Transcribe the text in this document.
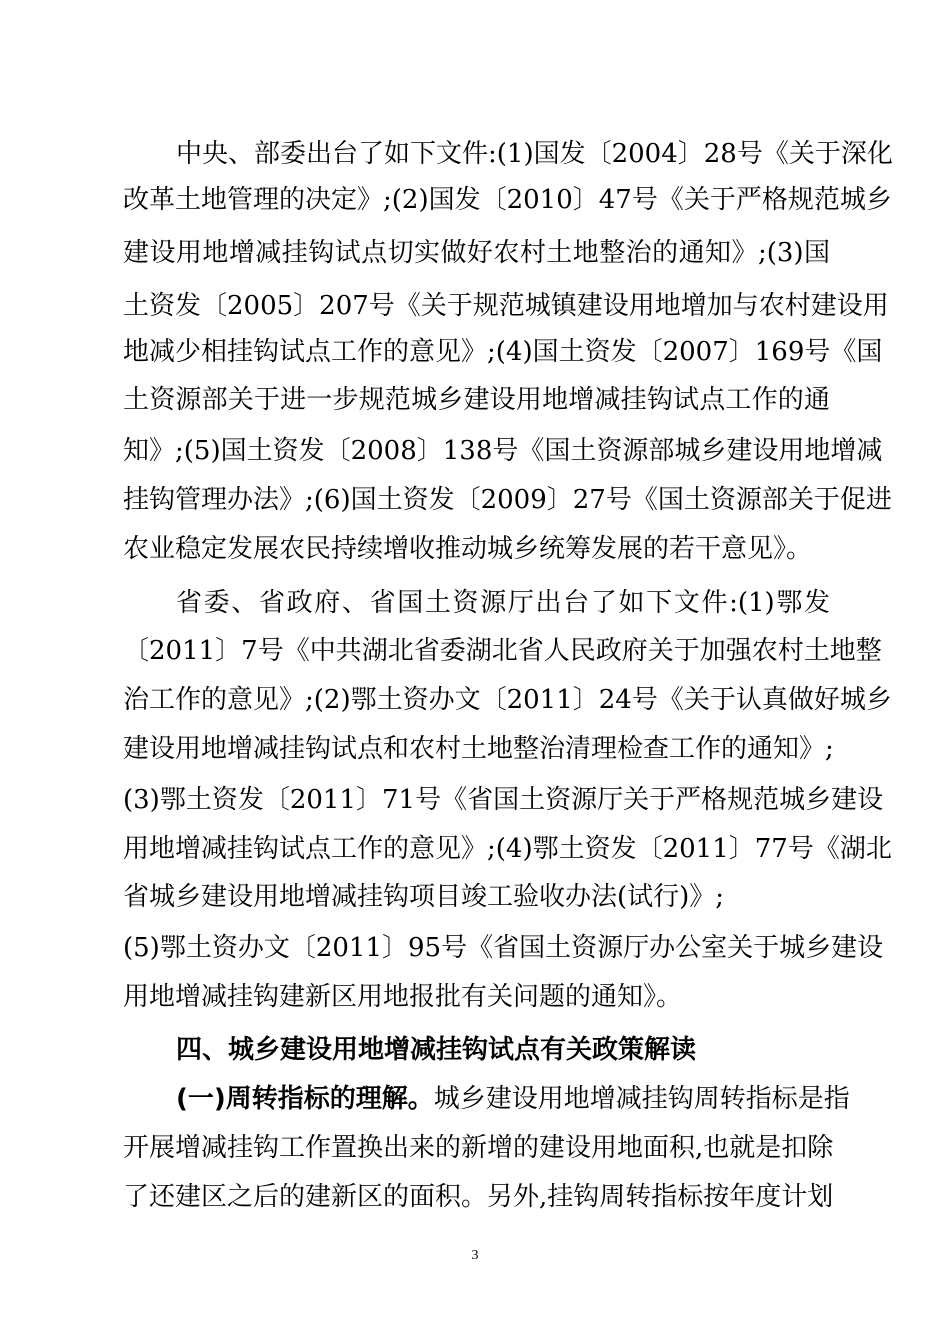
中央、部委出台了如下文件:(1)国发〔2004〕28号《关于深化
改革土地管理的决定》;(2)国发〔2010〕47号《关于严格规范城乡
建设用地增减挂钩试点切实做好农村土地整治的通知》;(3)国
土资发〔2005〕207号《关于规范城镇建设用地增加与农村建设用
地减少相挂钩试点工作的意见》;(4)国土资发〔2007〕169号《国
土资源部关于进一步规范城乡建设用地增减挂钩试点工作的通
知》;(5)国土资发〔2008〕138号《国土资源部城乡建设用地增减
挂钩管理办法》;(6)国土资发〔2009〕27号《国土资源部关于促进
农业稳定发展农民持续增收推动城乡统筹发展的若干意见》。
省委、省政府、省国土资源厅出台了如下文件:(1)鄂发
〔2011〕7号《中共湖北省委湖北省人民政府关于加强农村土地整
治工作的意见》;(2)鄂土资办文〔2011〕24号《关于认真做好城乡
建设用地增减挂钩试点和农村土地整治清理检查工作的通知》;
(3)鄂土资发〔2011〕71号《省国土资源厅关于严格规范城乡建设
用地增减挂钩试点工作的意见》;(4)鄂土资发〔2011〕77号《湖北
省城乡建设用地增减挂钩项目竣工验收办法(试行)》;
(5)鄂土资办文〔2011〕95号《省国土资源厅办公室关于城乡建设
用地增减挂钩建新区用地报批有关问题的通知》。
四、城乡建设用地增减挂钩试点有关政策解读
(一)周转指标的理解。城乡建设用地增减挂钩周转指标是指
开展增减挂钩工作置换出来的新增的建设用地面积,也就是扣除
了还建区之后的建新区的面积。另外,挂钩周转指标按年度计划
3
